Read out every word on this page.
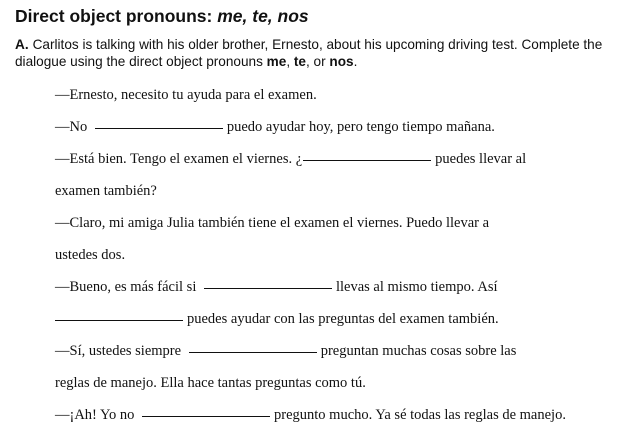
Direct object pronouns: me, te, nos
A. Carlitos is talking with his older brother, Ernesto, about his upcoming driving test. Complete the dialogue using the direct object pronouns me, te, or nos.
—Ernesto, necesito tu ayuda para el examen.
—No	puedo ayudar hoy, pero tengo tiempo mañana.
—Está bien. Tengo el examen el viernes. ¿	puedes llevar al
examen también?
—Claro, mi amiga Julia también tiene el examen el viernes. Puedo llevar a
ustedes dos.
—Bueno, es más fácil si	llevas al mismo tiempo. Así
puedes ayudar con las preguntas del examen también.
—Sí, ustedes siempre	preguntan muchas cosas sobre las
reglas de manejo. Ella hace tantas preguntas como tú.
—¡Ah! Yo no	pregunto mucho. Ya sé todas las reglas de manejo.
